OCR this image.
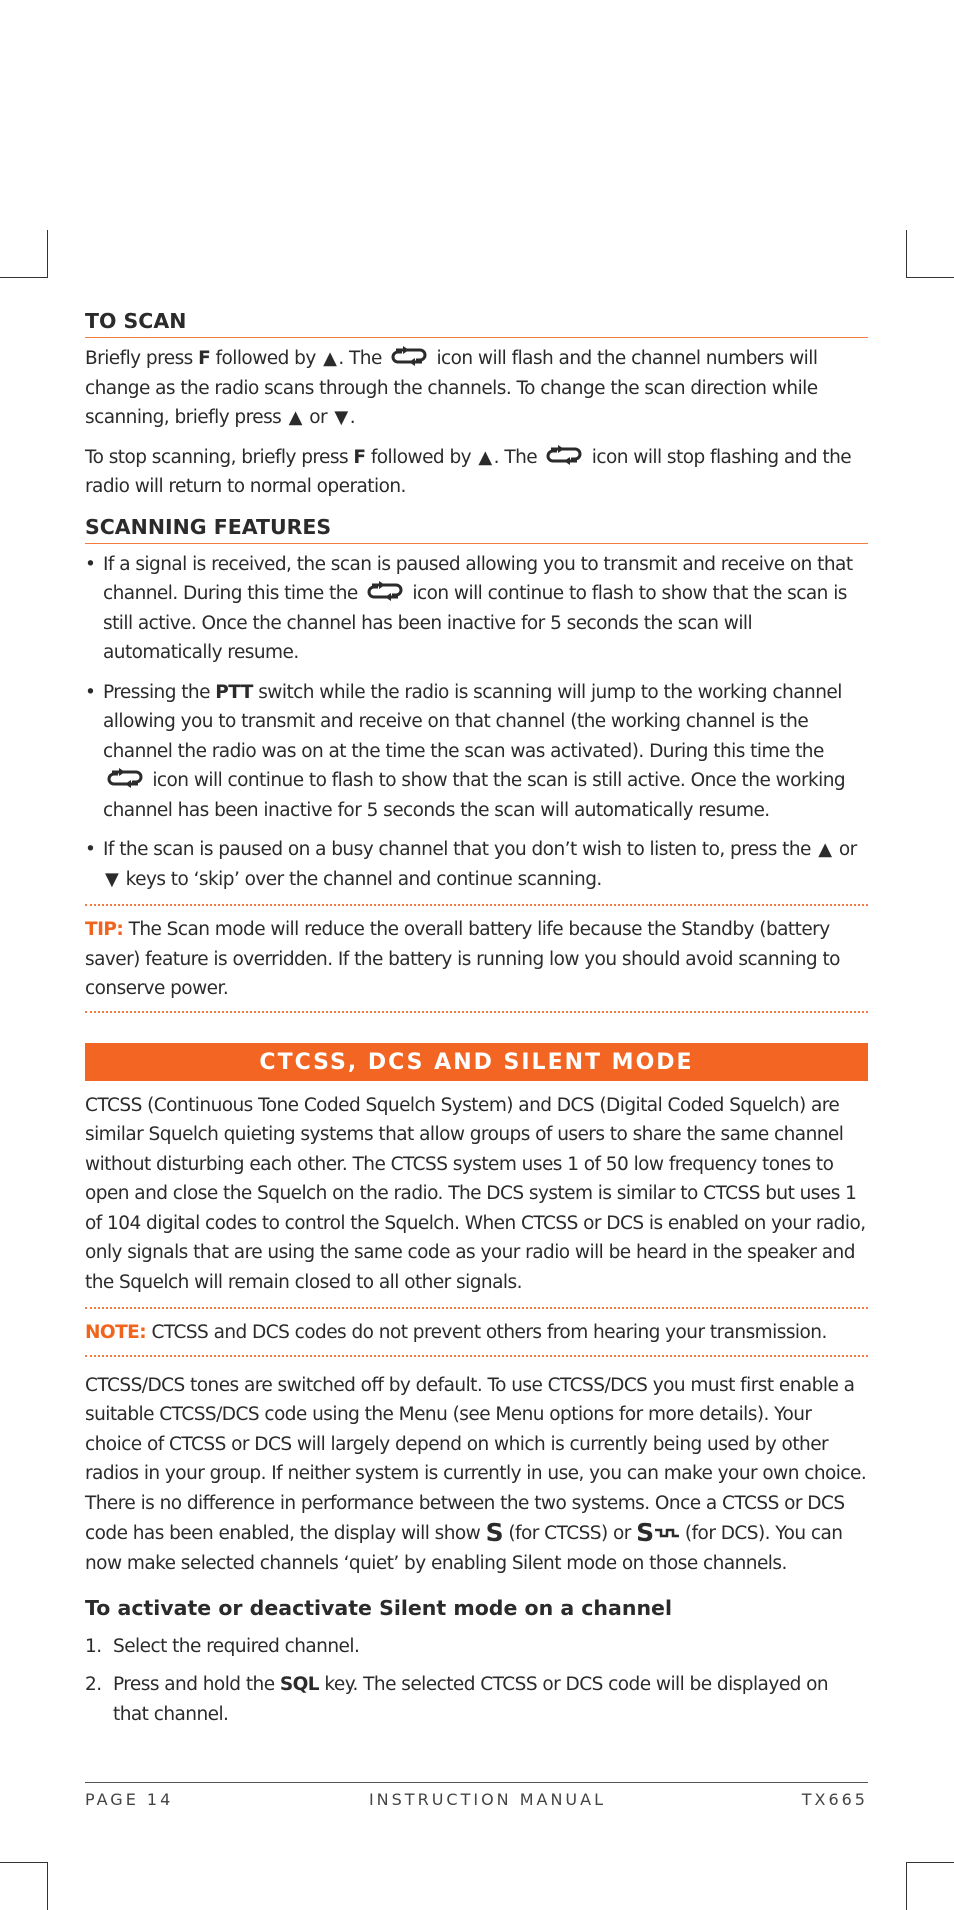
TO SCAN

Briefly press F followed by ▲ . The  icon will flash and the channel numbers will change as the radio scans through the channels. To change the scan direction while scanning, briefly press ▲ or ▼ .

To stop scanning, briefly press F followed by ▲ . The  icon will stop flashing and the radio will return to normal operation.

SCANNING FEATURES
• If a signal is received, the scan is paused allowing you to transmit and receive on that channel. During this time the  icon will continue to flash to show that the scan is still active. Once the channel has been inactive for 5 seconds the scan will automatically resume.
• Pressing the PTT switch while the radio is scanning will jump to the working channel allowing you to transmit and receive on that channel (the working channel is the channel the radio was on at the time the scan was activated). During this time the  icon will continue to flash to show that the scan is still active. Once the working channel has been inactive for 5 seconds the scan will automatically resume.
• If the scan is paused on a busy channel that you don’t wish to listen to, press the ▲ or ▼ keys to ‘skip’ over the channel and continue scanning.
TIP: The Scan mode will reduce the overall battery life because the Standby (battery saver) feature is overridden. If the battery is running low you should avoid scanning to conserve power.
CTCSS, DCS AND SILENT MODE

CTCSS (Continuous Tone Coded Squelch System) and DCS (Digital Coded Squelch) are similar Squelch quieting systems that allow groups of users to share the same channel without disturbing each other. The CTCSS system uses 1 of 50 low frequency tones to open and close the Squelch on the radio. The DCS system is similar to CTCSS but uses 1 of 104 digital codes to control the Squelch. When CTCSS or DCS is enabled on your radio, only signals that are using the same code as your radio will be heard in the speaker and the Squelch will remain closed to all other signals.

NOTE: CTCSS and DCS codes do not prevent others from hearing your transmission.

CTCSS/DCS tones are switched off by default. To use CTCSS/DCS you must first enable a suitable CTCSS/DCS code using the Menu (see Menu options for more details). Your choice of CTCSS or DCS will largely depend on which is currently being used by other radios in your group. If neither system is currently in use, you can make your own choice. There is no difference in performance between the two systems. Once a CTCSS or DCS code has been enabled, the display will show S (for CTCSS) or S (for DCS). You can now make selected channels ‘quiet’ by enabling Silent mode on those channels.

To activate or deactivate Silent mode on a channel
1. Select the required channel.
2. Press and hold the SQL key. The selected CTCSS or DCS code will be displayed on that channel.
PAGE 14	INSTRUCTION MANUAL	TX665
